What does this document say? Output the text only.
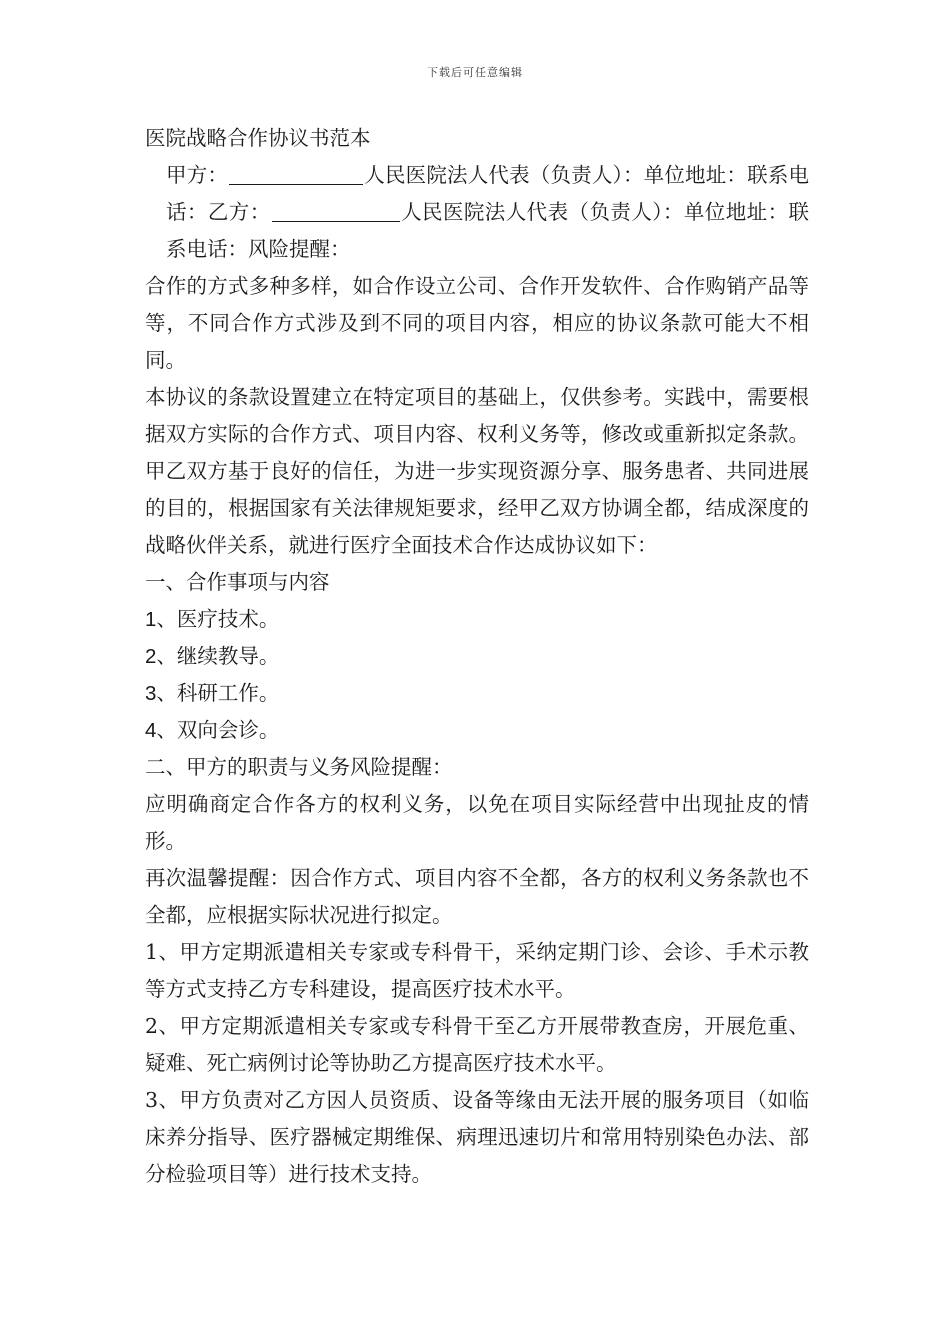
下载后可任意编辑

医院战略合作协议书范本

甲方：	人民医院法人代表（负责人）：单位地址：联系电话：乙方：	人民医院法人代表（负责人）：单位地址：联系电话：风险提醒：

合作的方式多种多样，如合作设立公司、合作开发软件、合作购销产品等等，不同合作方式涉及到不同的项目内容，相应的协议条款可能大不相同。

本协议的条款设置建立在特定项目的基础上，仅供参考。实践中，需要根据双方实际的合作方式、项目内容、权利义务等，修改或重新拟定条款。 甲乙双方基于良好的信任，为进一步实现资源分享、服务患者、共同进展的目的，根据国家有关法律规矩要求，经甲乙双方协调全都，结成深度的战略伙伴关系，就进行医疗全面技术合作达成协议如下：

一、合作事项与内容

1、医疗技术。

2、继续教导。

3、科研工作。

4、双向会诊。

二、甲方的职责与义务风险提醒：

应明确商定合作各方的权利义务，以免在项目实际经营中出现扯皮的情形。

再次温馨提醒：因合作方式、项目内容不全都，各方的权利义务条款也不全都，应根据实际状况进行拟定。

1、甲方定期派遣相关专家或专科骨干，采纳定期门诊、会诊、手术示教等方式支持乙方专科建设，提高医疗技术水平。

2、甲方定期派遣相关专家或专科骨干至乙方开展带教查房，开展危重、疑难、死亡病例讨论等协助乙方提高医疗技术水平。

3、甲方负责对乙方因人员资质、设备等缘由无法开展的服务项目（如临床养分指导、医疗器械定期维保、病理迅速切片和常用特别染色办法、部分检验项目等）进行技术支持。
